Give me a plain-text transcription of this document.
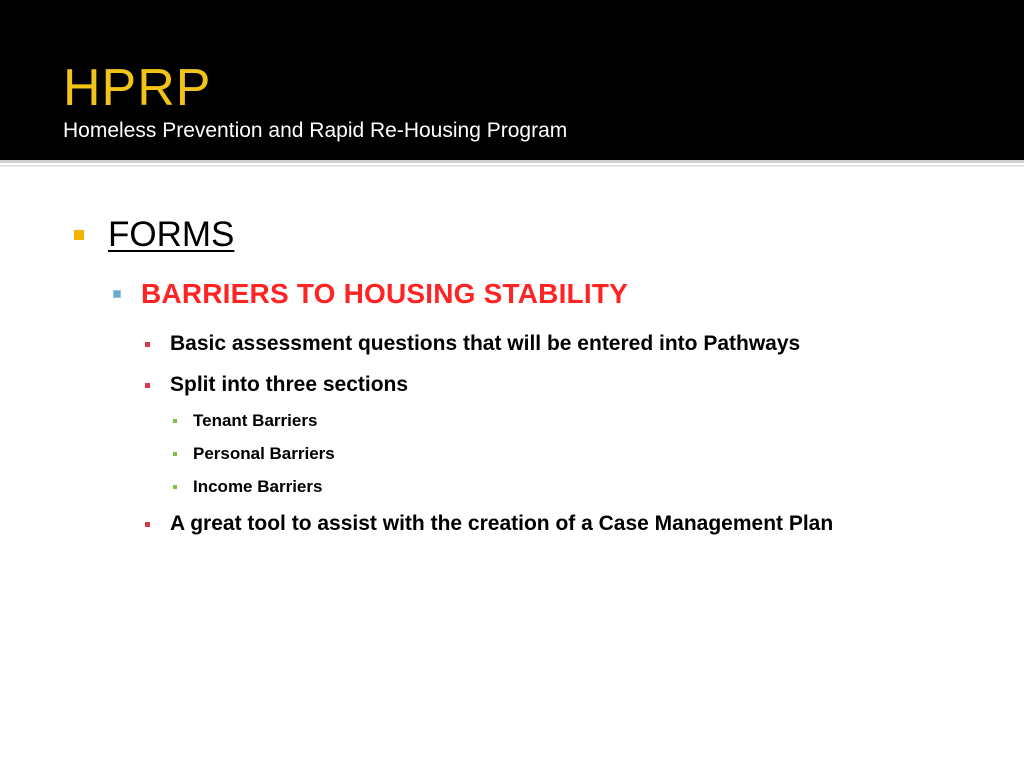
HPRP
Homeless Prevention and Rapid Re-Housing Program
FORMS
BARRIERS TO HOUSING STABILITY
Basic assessment questions that will be entered into Pathways
Split into three sections
Tenant Barriers
Personal Barriers
Income Barriers
A great tool to assist with the creation of a Case Management Plan
